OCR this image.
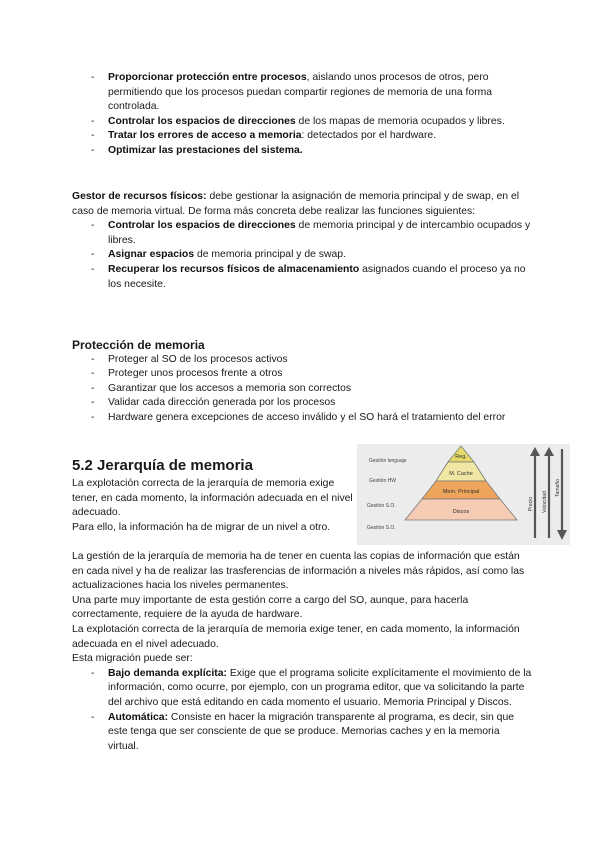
- Proporcionar protección entre procesos, aislando unos procesos de otros, pero permitiendo que los procesos puedan compartir regiones de memoria de una forma controlada.
- Controlar los espacios de direcciones de los mapas de memoria ocupados y libres.
- Tratar los errores de acceso a memoria: detectados por el hardware.
- Optimizar las prestaciones del sistema.

Gestor de recursos físicos: debe gestionar la asignación de memoria principal y de swap, en el caso de memoria virtual. De forma más concreta debe realizar las funciones siguientes:

- Controlar los espacios de direcciones de memoria principal y de intercambio ocupados y libres.
- Asignar espacios de memoria principal y de swap.
- Recuperar los recursos físicos de almacenamiento asignados cuando el proceso ya no los necesite.
Protección de memoria
- Proteger al SO de los procesos activos
- Proteger unos procesos frente a otros
- Garantizar que los accesos a memoria son correctos
- Validar cada dirección generada por los procesos
- Hardware genera excepciones de acceso inválido y el SO hará el tratamiento del error
5.2 Jerarquía de memoria

La explotación correcta de la jerarquía de memoria exige tener, en cada momento, la información adecuada en el nivel adecuado.

Para ello, la información ha de migrar de un nivel a otro.

Reg.
M. Cache
Mem. Principal
Discos
Gestión lenguaje
Gestión HW
Gestión S.O.
Gestión S.O.
Precio Velocidad
Tamaño

La gestión de la jerarquía de memoria ha de tener en cuenta las copias de información que están en cada nivel y ha de realizar las trasferencias de información a niveles más rápidos, así como las actualizaciones hacia los niveles permanentes.

Una parte muy importante de esta gestión corre a cargo del SO, aunque, para hacerla correctamente, requiere de la ayuda de hardware.

La explotación correcta de la jerarquía de memoria exige tener, en cada momento, la información adecuada en el nivel adecuado.

Esta migración puede ser:

- Bajo demanda explícita: Exige que el programa solicite explícitamente el movimiento de la información, como ocurre, por ejemplo, con un programa editor, que va solicitando la parte del archivo que está editando en cada momento el usuario. Memoria Principal y Discos.
- Automática: Consiste en hacer la migración transparente al programa, es decir, sin que este tenga que ser consciente de que se produce. Memorias caches y en la memoria virtual.
